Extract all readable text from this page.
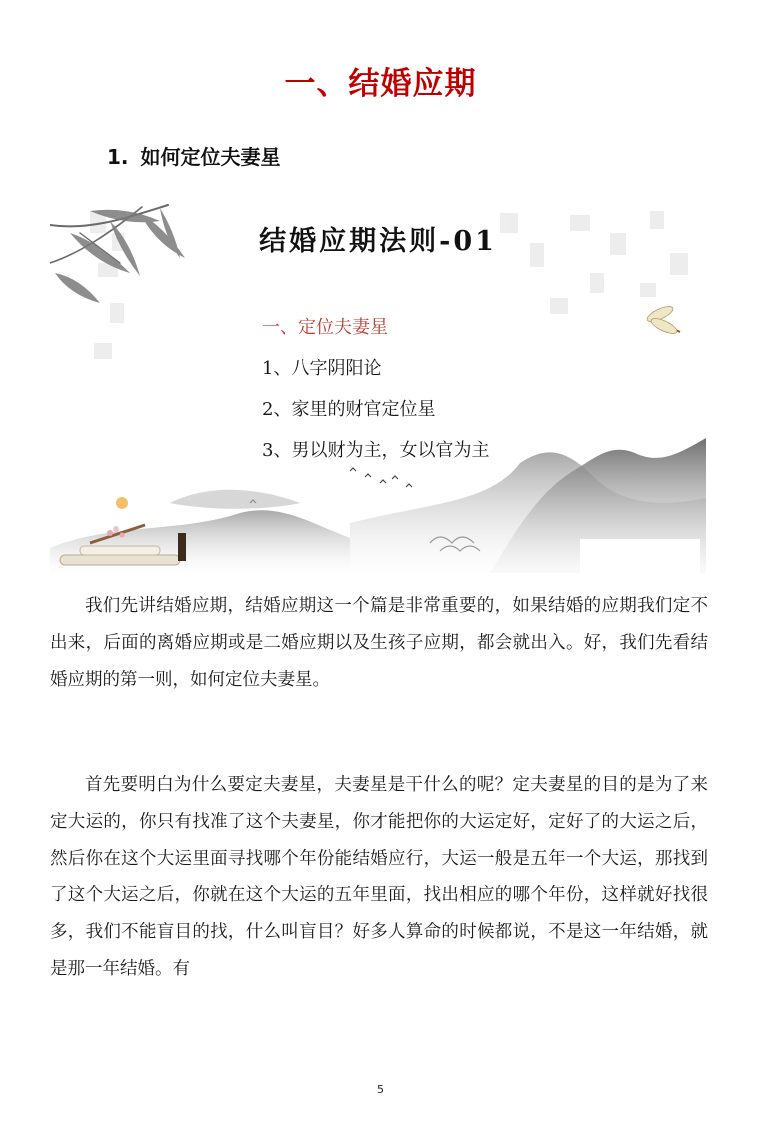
一、结婚应期
1. 如何定位夫妻星
结婚应期法则-01
一、定位夫妻星
1、八字阴阳论
2、家里的财官定位星
3、男以财为主，女以官为主

我们先讲结婚应期，结婚应期这一个篇是非常重要的，如果结婚的应期我们定不出来，后面的离婚应期或是二婚应期以及生孩子应期，都会就出入。好，我们先看结婚应期的第一则，如何定位夫妻星。

首先要明白为什么要定夫妻星，夫妻星是干什么的呢？定夫妻星的目的是为了来定大运的，你只有找准了这个夫妻星，你才能把你的大运定好，定好了的大运之后，然后你在这个大运里面寻找哪个年份能结婚应行，大运一般是五年一个大运，那找到了这个大运之后，你就在这个大运的五年里面，找出相应的哪个年份，这样就好找很多，我们不能盲目的找，什么叫盲目？好多人算命的时候都说，不是这一年结婚，就是那一年结婚。有

5
